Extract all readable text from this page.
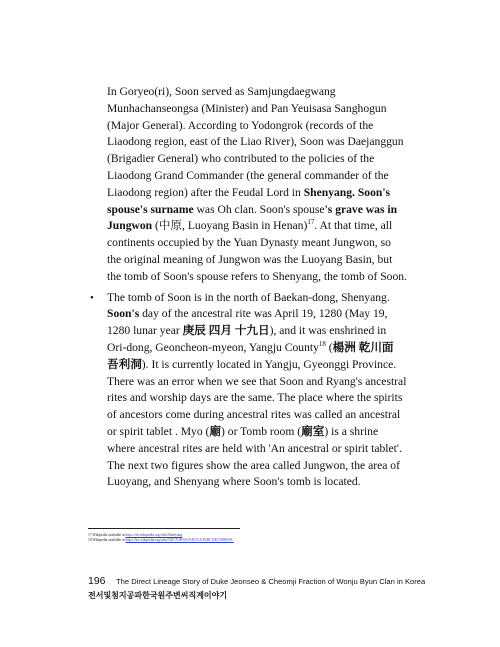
In Goryeo(ri), Soon served as Samjungdaegwang Munhachanseongsa (Minister) and Pan Yeuisasa Sanghogun (Major General). According to Yodongrok (records of the Liaodong region, east of the Liao River), Soon was Daejanggun (Brigadier General) who contributed to the policies of the Liaodong Grand Commander (the general commander of the Liaodong region) after the Feudal Lord in Shenyang. Soon's spouse's surname was Oh clan. Soon's spouse's grave was in Jungwon (中原, Luoyang Basin in Henan)$^{17}$. At that time, all continents occupied by the Yuan Dynasty meant Jungwon, so the original meaning of Jungwon was the Luoyang Basin, but the tomb of Soon's spouse refers to Shenyang, the tomb of Soon.

• The tomb of Soon is in the north of Baekan-dong, Shenyang. Soon's day of the ancestral rite was April 19, 1280 (May 19, 1280 lunar year 庚辰 四月 十九日), and it was enshrined in Ori-dong, Geoncheon-myeon, Yangju County$^{18}$ (楊洲 乾川面 吾利洞). It is currently located in Yangju, Gyeonggi Province. There was an error when we see that Soon and Ryang's ancestral rites and worship days are the same. The place where the spirits of ancestors come during ancestral rites was called an ancestral or spirit tablet . Myo (廟) or Tomb room (廟室) is a shrine where ancestral rites are held with 'An ancestral or spirit tablet'. The next two figures show the area called Jungwon, the area of Luoyang, and Shenyang where Soon's tomb is located.

17 Wikipedia available at https://en.wikipedia.org/wiki/Shenyang
18 Wikipedia available at https://ko.wikipedia.org/wiki/%EC%96%91%EC%A3%BC%EC%8B%9C
196 The Direct Lineage Story of Duke Jeonseo & Cheomji Fraction of Wonju Byun Clan in Korea
전서및첨지공파한국원주변씨직계이야기
